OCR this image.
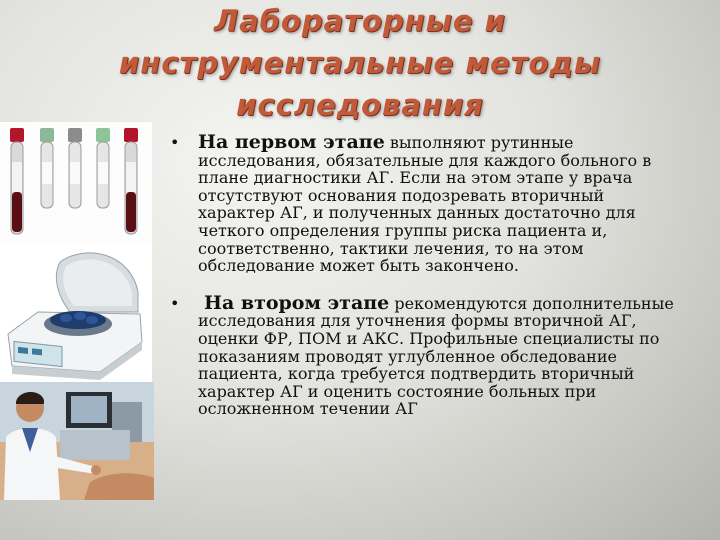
Лабораторные и
инструментальные методы
исследования
• На первом этапе выполняют рутинные исследования, обязательные для каждого больного в плане диагностики АГ. Если на этом этапе у врача отсутствуют основания подозревать вторичный характер АГ, и полученных данных достаточно для четкого определения группы риска пациента и, соответственно, тактики лечения, то на этом обследование может быть закончено.
• На втором этапе рекомендуются дополнительные исследования для уточнения формы вторичной АГ, оценки ФР, ПОМ и АКС. Профильные специалисты по показаниям проводят углубленное обследование пациента, когда требуется подтвердить вторичный характер АГ и оценить состояние больных при осложненном течении АГ
